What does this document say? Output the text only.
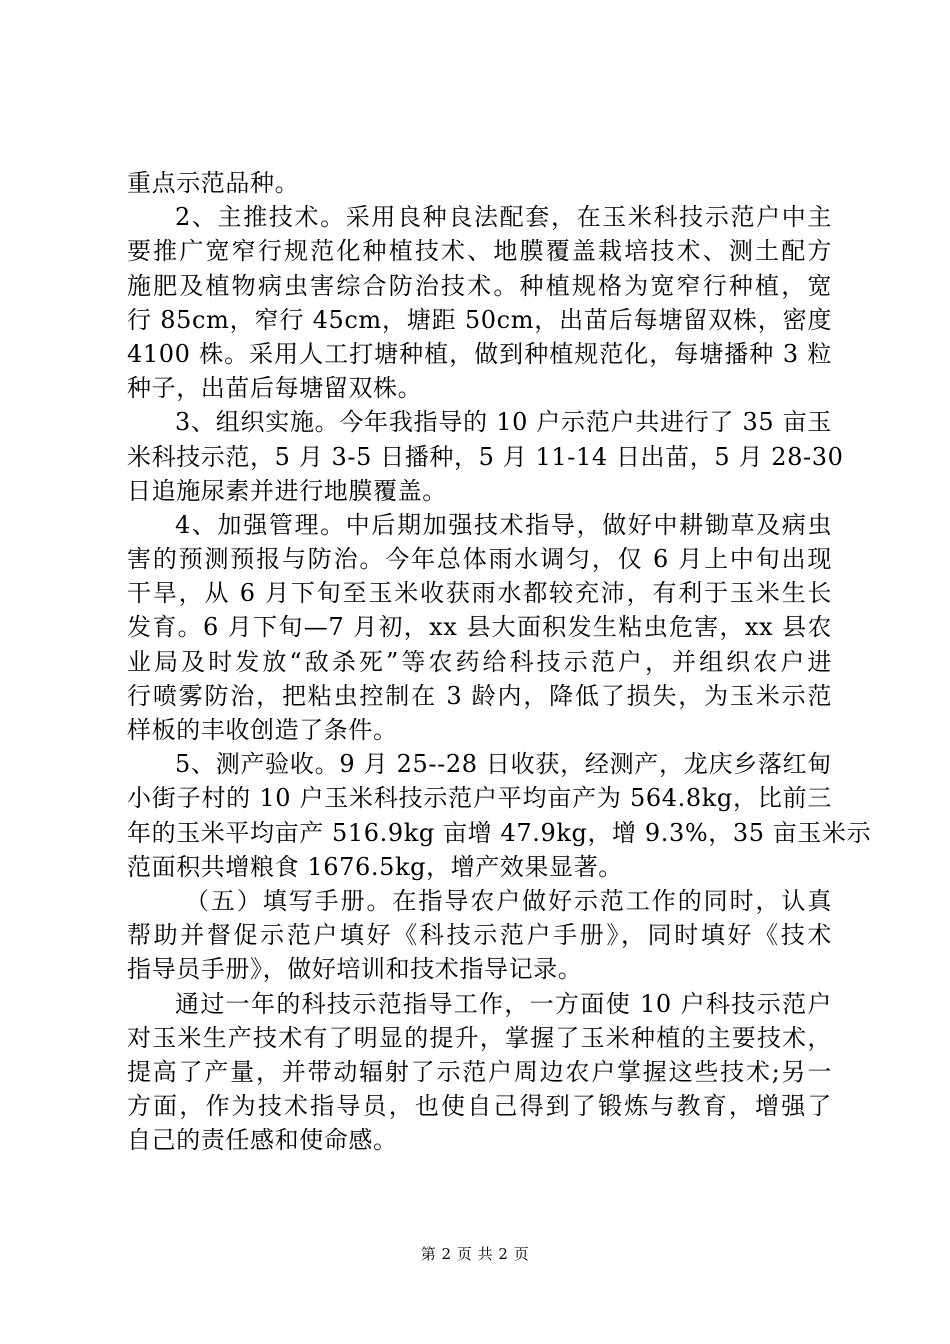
重点示范品种。
2、主推技术。采用良种良法配套，在玉米科技示范户中主
要推广宽窄行规范化种植技术、地膜覆盖栽培技术、测土配方
施肥及植物病虫害综合防治技术。种植规格为宽窄行种植，宽
行 85cm，窄行 45cm，塘距 50cm，出苗后每塘留双株，密度
4100 株。采用人工打塘种植，做到种植规范化，每塘播种 3 粒
种子，出苗后每塘留双株。
3、组织实施。今年我指导的 10 户示范户共进行了 35 亩玉
米科技示范，5 月 3-5 日播种，5 月 11-14 日出苗，5 月 28-30
日追施尿素并进行地膜覆盖。
4、加强管理。中后期加强技术指导，做好中耕锄草及病虫
害的预测预报与防治。今年总体雨水调匀，仅 6 月上中旬出现
干旱，从 6 月下旬至玉米收获雨水都较充沛，有利于玉米生长
发育。6 月下旬—7 月初，xx 县大面积发生粘虫危害，xx 县农
业局及时发放“敌杀死”等农药给科技示范户，并组织农户进
行喷雾防治，把粘虫控制在 3 龄内，降低了损失，为玉米示范
样板的丰收创造了条件。
5、测产验收。9 月 25--28 日收获，经测产，龙庆乡落红甸
小街子村的 10 户玉米科技示范户平均亩产为 564.8kg，比前三
年的玉米平均亩产 516.9kg 亩增 47.9kg，增 9.3%，35 亩玉米示
范面积共增粮食 1676.5kg，增产效果显著。
（五）填写手册。在指导农户做好示范工作的同时，认真
帮助并督促示范户填好《科技示范户手册》，同时填好《技术
指导员手册》，做好培训和技术指导记录。
通过一年的科技示范指导工作，一方面使 10 户科技示范户
对玉米生产技术有了明显的提升，掌握了玉米种植的主要技术，
提高了产量，并带动辐射了示范户周边农户掌握这些技术;另一
方面，作为技术指导员，也使自己得到了锻炼与教育，增强了
自己的责任感和使命感。
第 2 页 共 2 页
